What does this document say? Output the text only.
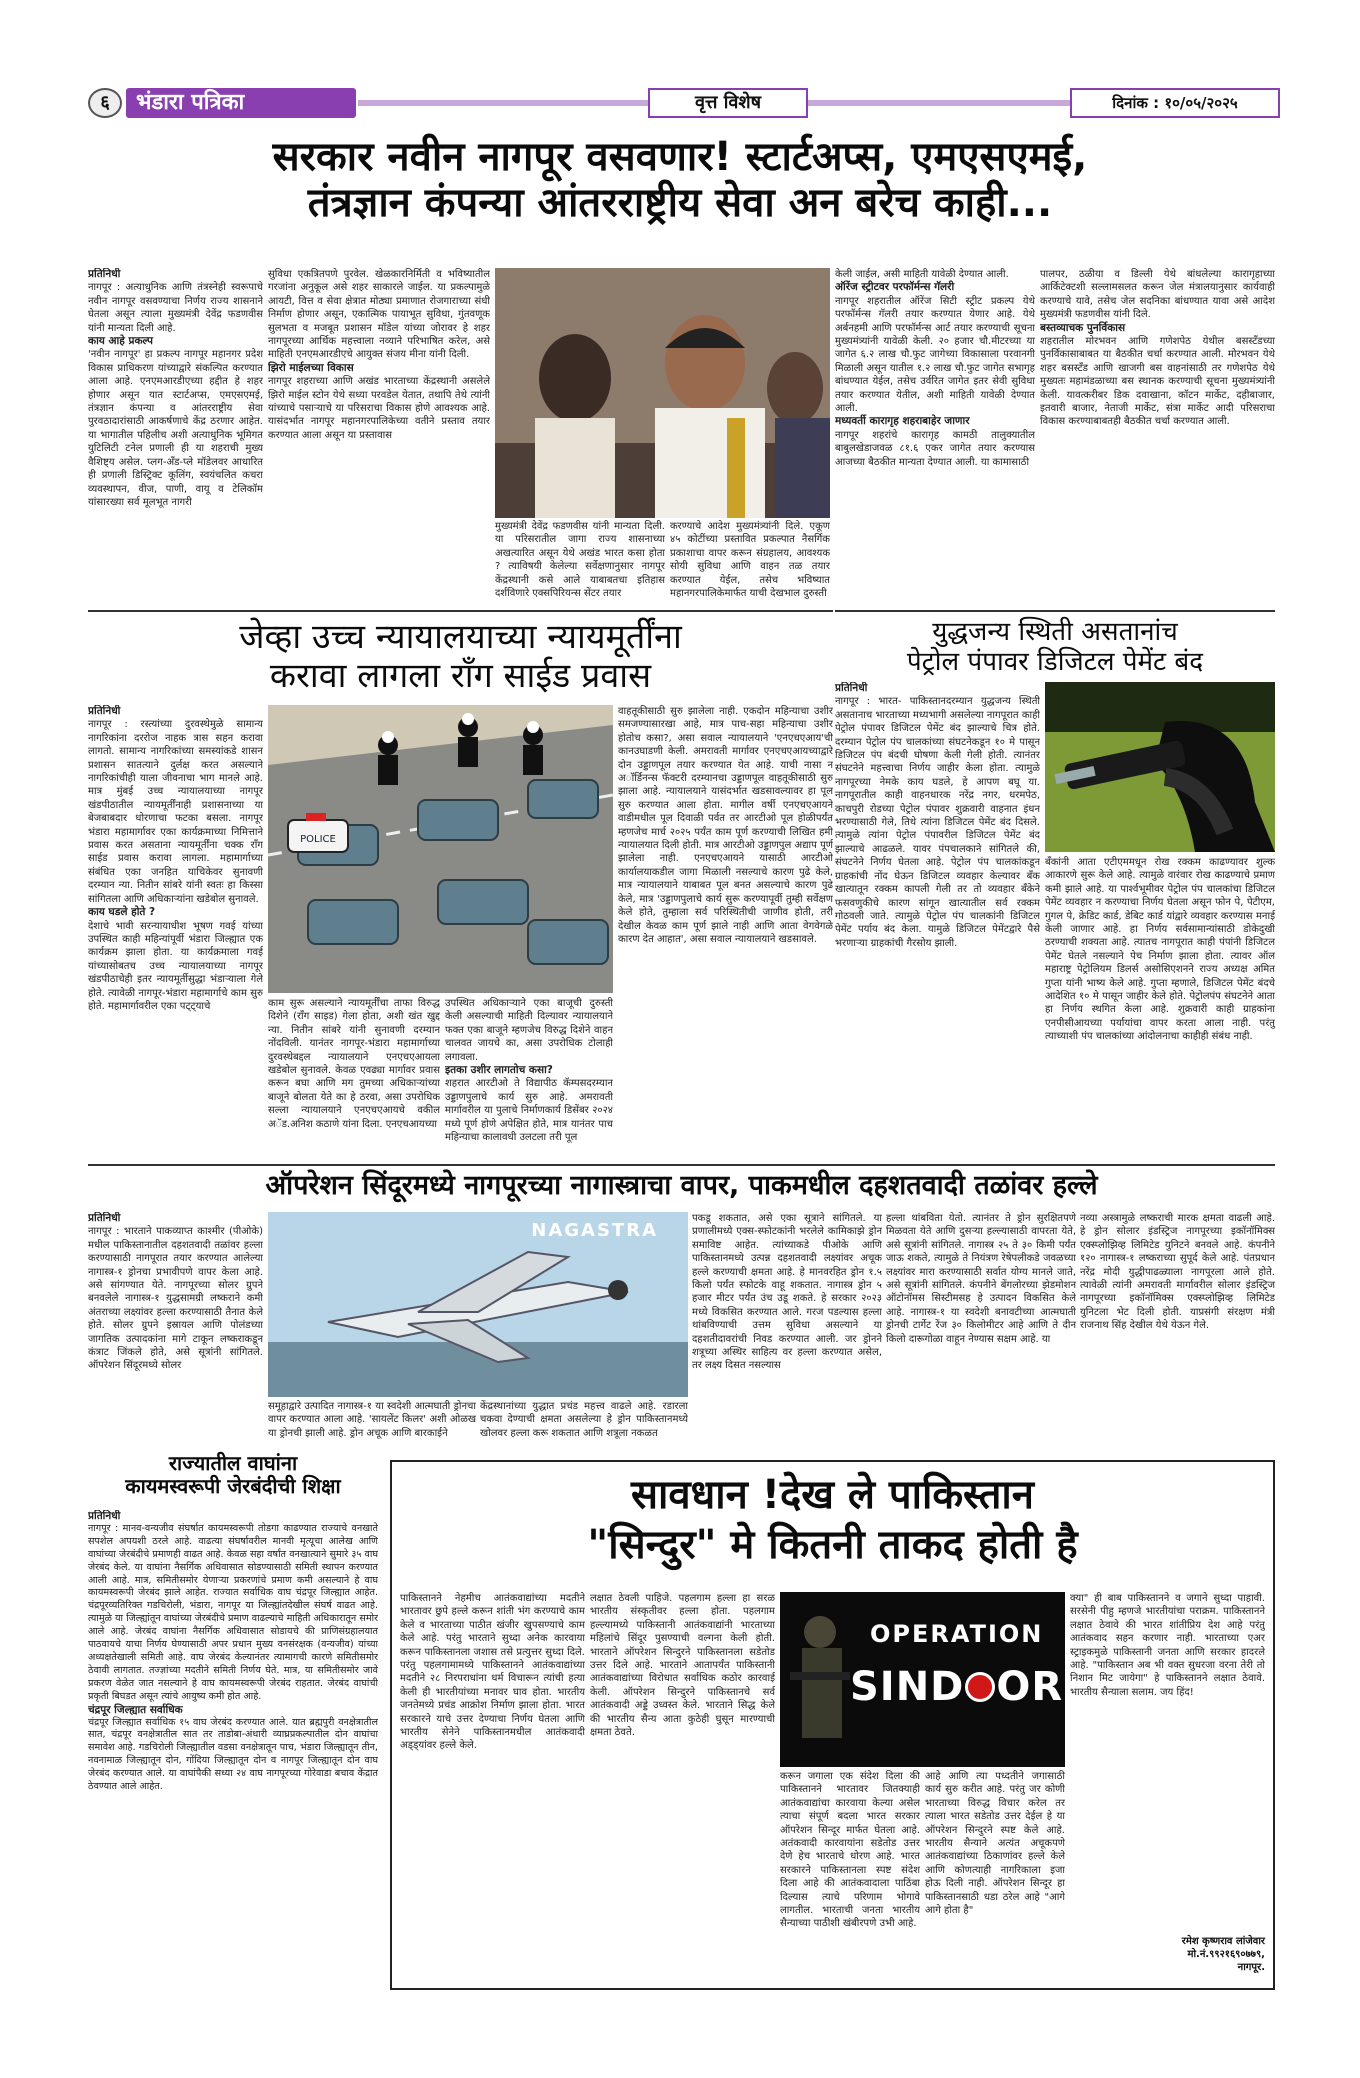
६	भंडारा पत्रिका	वृत्त विशेष	दिनांक : १०/०५/२०२५
सरकार नवीन नागपूर वसवणार! स्टार्टअप्स, एमएसएमई,
तंत्रज्ञान कंपन्या आंतरराष्ट्रीय सेवा अन बरेच काही...
प्रतिनिधी
नागपूर : अत्याधुनिक आणि तंत्रस्नेही स्वरूपाचे नवीन नागपूर वसवण्याचा निर्णय राज्य शासनाने घेतला असून त्याला मुख्यमंत्री देवेंद्र फडणवीस यांनी मान्यता दिली आहे.
काय आहे प्रकल्प
'नवीन नागपूर' हा प्रकल्प नागपूर महानगर प्रदेश विकास प्राधिकरण यांच्याद्वारे संकल्पित करण्यात आला आहे. एनएमआरडीएच्या हद्दीत हे शहर होणार असून यात स्टार्टअप्स, एमएसएमई, तंत्रज्ञान कंपन्या व आंतरराष्ट्रीय सेवा पुरवठादारांसाठी आकर्षणाचे केंद्र ठरणार आहेत. या भागातील पहिलीच अशी अत्याधुनिक भूमिगत युटिलिटी टनेल प्रणाली ही या शहराची मुख्य वैशिष्ट्य असेल. प्लग-अँड-प्ले मॉडेलवर आधारित ही प्रणाली डिस्ट्रिक्ट कूलिंग, स्वयंचलित कचरा व्यवस्थापन, वीज, पाणी, वायू व टेलिकॉम यांसारख्या सर्व मूलभूत नागरी
सुविधा एकत्रितपणे पुरवेल. खेळकारनिर्मिती व भविष्यातील गरजांना अनुकूल असे शहर साकारले जाईल. या प्रकल्पामुळे आयटी, वित्त व सेवा क्षेत्रात मोठ्या प्रमाणात रोजगाराच्या संधी निर्माण होणार असून, एकात्मिक पायाभूत सुविधा, गुंतवणूक सुलभता व मजबूत प्रशासन मॉडेल यांच्या जोरावर हे शहर नागपूरच्या आर्थिक महत्त्वाला नव्याने परिभाषित करेल, असे माहिती एनएमआरडीएचे आयुक्त संजय मीना यांनी दिली.
झिरो माईलच्या विकास
नागपूर शहराच्या आणि अखंड भारताच्या केंद्रस्थानी असलेले झिरो माईल स्टोन येथे सध्या परवडेल येतात, तथापि तेथे त्यांनी यांच्याचे पसाऱ्याचे या परिसराचा विकास होणे आवश्यक आहे. यासंदर्भात नागपूर महानगरपालिकेच्या वतीने प्रस्ताव तयार करण्यात आला असून या प्रस्तावास
मुख्यमंत्री देवेंद्र फडणवीस यांनी मान्यता दिली. या परिसरातील जागा राज्य शासनाच्या अखत्यारित असून येथे अखंड भारत कसा होता ? त्याविषयी केलेल्या सर्वेक्षणानुसार नागपूर केंद्रस्थानी कसे आले याबाबतचा इतिहास दर्शविणारे एक्सपिरियन्स सेंटर तयार
करण्याचे आदेश मुख्यमंत्र्यांनी दिले. एकूण ४५ कोटींच्या प्रस्तावित प्रकल्पात नैसर्गिक प्रकाशाचा वापर करून संग्रहालय, आवश्यक सोयी सुविधा आणि वाहन तळ तयार करण्यात येईल, तसेच भविष्यात महानगरपालिकेमार्फत याची देखभाल दुरुस्ती
केली जाईल, असी माहिती यावेळी देण्यात आली.
ऑरेंज स्ट्रीटवर परफॉर्मन्स गॅलरी
नागपूर शहरातील ऑरेंज सिटी स्ट्रीट प्रकल्प येथे परफॉर्मन्स गॅलरी तयार करण्यात येणार आहे. येथे अर्बनहमी आणि परफॉर्मन्स आर्ट तयार करण्याची सूचना मुख्यमंत्र्यांनी यावेळी केली. २० हजार चौ.मीटरच्या या जागेत ६.२ लाख चौ.फुट जागेच्या विकासाला परवानगी मिळाली असून यातील १.२ लाख चौ.फुट जागेत सभागृह बांधण्यात येईल, तसेच उर्वरित जागेत इतर सेवी सुविधा तयार करण्यात येतील, अशी माहिती यावेळी देण्यात आली.
मध्यवर्ती कारागृह शहराबाहेर जाणार
नागपूर शहरांचे कारागृह कामठी तालुक्यातील बाबुलखेडाजवळ ८१.६ एकर जागेत तयार करण्यास आजच्या बैठकीत मान्यता देण्यात आली. या कामासाठी
पालपर, ठळीया व डिल्ली येथे बांधलेल्या कारागृहाच्या आर्किटेक्टशी सल्लामसलत करून जेल मंत्रालयानुसार कार्यवाही करण्याचे यावे, तसेच जेल सदनिका बांधण्यात यावा असे आदेश मुख्यमंत्री फडणवीस यांनी दिले.
बस्तव्याचक पुनर्विकास
शहरातील मोरभवन आणि गणेशपेठ येथील बसस्टँडच्या पुनर्विकासाबाबत या बैठकीत चर्चा करण्यात आली. मोरभवन येथे शहर बसस्टँड आणि खाजगी बस वाहनांसाठी तर गणेशपेठ येथे मुख्यतः महामंडळाच्या बस स्थानक करण्याची सूचना मुख्यमंत्र्यांनी केली. यावत्करीबर डिक दवाखाना, कॉटन मार्केट, दहीबाजार, इतवारी बाजार, नेताजी मार्केट, संत्रा मार्केट आदी परिसराचा विकास करण्याबाबतही बैठकीत चर्चा करण्यात आली.
जेव्हा उच्च न्यायालयाच्या न्यायमूर्तींना
करावा लागला रॉंग साईड प्रवास
प्रतिनिधी
नागपूर : रस्त्यांच्या दुरवस्थेमुळे सामान्य नागरिकांना दररोज नाहक त्रास सहन करावा लागतो. सामान्य नागरिकांच्या समस्यांकडे शासन प्रशासन सातत्याने दुर्लक्ष करत असल्याने नागरिकांचीही याला जीवनाचा भाग मानले आहे. मात्र मुंबई उच्च न्यायालयाच्या नागपूर खंडपीठातील न्यायमूर्तींनाही प्रशासनाच्या या बेजबाबदार धोरणाचा फटका बसला. नागपूर भंडारा महामार्गावर एका कार्यक्रमाच्या निमित्ताने प्रवास करत असताना न्यायमूर्तींना चक्क रॉंग साईड प्रवास करावा लागला. महामार्गाच्या संबंधित एका जनहित याचिकेवर सुनावणी दरम्यान न्या. नितीन सांबरे यांनी स्वतः हा किस्सा सांगितला आणि अधिकाऱ्यांना खडेबोल सुनावले.
काय घडले होते ?
देशाचे भावी सरन्यायाधीश भूषण गवई यांच्या उपस्थित काही महिन्यांपूर्वी भंडारा जिल्ह्यात एक कार्यक्रम झाला होता. या कार्यक्रमाला गवई यांच्यासोबतच उच्च न्यायालयाच्या नागपूर खंडपीठाचेही इतर न्यायमूर्तीसुद्धा भंडाऱ्याला गेले होते. त्यावेळी नागपूर-भंडारा महामार्गाचे काम सुरु होते. महामार्गावरील एका पट्ट्याचे
POLICE
काम सुरू असल्याने न्यायमूर्तींचा ताफा विरुद्ध दिशेने (रॉंग साइड) गेला होता, अशी खंत खुद्द न्या. नितीन सांबरे यांनी सुनावणी दरम्यान नोंदविली. यानंतर नागपूर-भंडारा महामार्गाच्या दुरवस्थेबद्दल न्यायालयाने एनएचएआयला खडेबोल सुनावले. केवळ एवढ्या मार्गावर प्रवास करून बघा आणि मग तुमच्या अधिकाऱ्यांच्या बाजूने बोलता येते का हे ठरवा, असा उपरोधिक सल्ला न्यायालयाने एनएचएआयचे वकील अॅड.अनिश कठाणे यांना दिला. एनएचआयच्या
उपस्थित अधिकाऱ्याने एका बाजूची दुरुस्ती केली असल्याची माहिती दिल्यावर न्यायालयाने फक्त एका बाजूने म्हणजेच विरुद्ध दिशेने वाहन चालवत जायचे का, असा उपरोधिक टोलाही लगावला.
इतका उशीर लागतोच कसा?
शहरात आरटीओ ते विद्यापीठ कॅम्पसदरम्यान उड्डाणपुलाचे कार्य सुरु आहे. अमरावती मार्गावरील या पुलाचे निर्माणकार्य डिसेंबर २०२४ मध्ये पूर्ण होणे अपेक्षित होते, मात्र यानंतर पाच महिन्याचा कालावधी उलटला तरी पूल
वाहतूकीसाठी सुरु झालेला नाही. एकदोन महिन्याचा उशीर समजण्यासारखा आहे, मात्र पाच-सहा महिन्याचा उशीर होतोच कसा?, असा सवाल न्यायालयाने 'एनएचएआय'ची कानउघाडणी केली. अमरावती मार्गावर एनएचएआयच्याद्वारे दोन उड्डाणपूल तयार करण्यात येत आहे. याची नासा न अॉर्डिनन्स फॅक्टरी दरम्यानचा उड्डाणपूल वाहतूकीसाठी सुरु झाला आहे. न्यायालयाने यासंदर्भात खडसावल्यावर हा पूल सुरु करण्यात आला होता. मागील वर्षी एनएचएआयने वाडीमधील पूल दिवाळी पर्वत तर आरटीओ पूल होळीपर्यंत म्हणजेच मार्च २०२५ पर्यंत काम पूर्ण करण्याची लिखित हमी न्यायालयात दिली होती. मात्र आरटीओ उड्डाणपुल अद्याप पूर्ण झालेला नाही. एनएचएआयने यासाठी आरटीओ कार्यालयाकडील जागा मिळाली नसल्याचे कारण पुढे केले, मात्र न्यायालयाने याबाबत पूल बनत असल्याचे कारण पुढे केले, मात्र 'उड्डाणपुलाचे कार्य सुरू करण्यापूर्वी तुम्ही सर्वेक्षण केले होते, तुम्हाला सर्व परिस्थितीची जाणीव होती, तरी देखील केवळ काम पूर्ण झाले नाही आणि आता वेगवेगळे कारण देत आहात', असा सवाल न्यायालयाने खडसावले.
युद्धजन्य स्थिती असतानांच
पेट्रोल पंपावर डिजिटल पेमेंट बंद
प्रतिनिधी
नागपूर : भारत- पाकिस्तानदरम्यान युद्धजन्य स्थिती असतानाच भारताच्या मध्यभागी असलेल्या नागपूरात काही पेट्रोल पंपावर डिजिटल पेमेंट बंद झाल्याचे चित्र होते. दरम्यान पेट्रोल पंप चालकांच्या संघटनेकडून १० मे पासून डिजिटल पंप बंदची घोषणा केली गेली होती. त्यानंतर संघटनेने महत्त्वाचा निर्णय जाहीर केला होता. त्यामुळे नागपूरच्या नेमके काय घडले, हे आपण बघू या. नागपूरातील काही वाहनधारक नरेंद्र नगर, धरमपेठ, काचपुरी रोडच्या पेट्रोल पंपावर शुक्रवारी वाहनात इंधन भरण्यासाठी गेले, तिथे त्यांना डिजिटल पेमेंट बंद दिसले. त्यामुळे त्यांना पेट्रोल पंपावरील डिजिटल पेमेंट बंद झाल्याचे आढळले. यावर पंपचालकाने सांगितले की, संघटनेने निर्णय घेतला आहे. पेट्रोल पंप चालकांकडून ग्राहकांची नोंद घेऊन डिजिटल व्यवहार केल्यावर बँक खात्यातून रक्कम कापली गेली तर तो व्यवहार बँकेने फसवणुकीचे कारण सांगून खात्यातील सर्व रक्कम गोठवली जाते. त्यामुळे पेट्रोल पंप चालकांनी डिजिटल पेमेंट पर्याय बंद केला. यामुळे डिजिटल पेमेंटद्वारे पैसे भरणाऱ्या ग्राहकांची गैरसोय झाली.
बँकांनी आता एटीएममधून रोख रक्कम काढण्यावर शुल्क आकारणे सुरू केले आहे. त्यामुळे वारंवार रोख काढण्याचे प्रमाण कमी झाले आहे. या पार्श्वभूमीवर पेट्रोल पंप चालकांचा डिजिटल पेमेंट व्यवहार न करण्याचा निर्णय घेतला असून फोन पे, पेटीएम, गुगल पे, क्रेडिट कार्ड, डेबिट कार्ड यांद्वारे व्यवहार करण्यास मनाई केली जाणार आहे. हा निर्णय सर्वसामान्यांसाठी डोकेदुखी ठरण्याची शक्यता आहे. त्यातच नागपूरात काही पंपांनी डिजिटल पेमेंट घेतले नसल्याने पेच निर्माण झाला होता. त्यावर ऑल महाराष्ट्र पेट्रोलियम डिलर्स असोसिएशनने राज्य अध्यक्ष अमित गुप्ता यांनी भाष्य केले आहे. गुप्ता म्हणाले, डिजिटल पेमेंट बंदचे आदेशित १० मे पासून जाहीर केले होते. पेट्रोलपंप संघटनेने आता हा निर्णय स्थगित केला आहे. शुक्रवारी काही ग्राहकांना एनपीसीआयच्या पर्यायांचा वापर करता आला नाही. परंतु त्याच्याशी पंप चालकांच्या आंदोलनाचा काहीही संबंध नाही.
ऑपरेशन सिंदूरमध्ये नागपूरच्या नागास्त्राचा वापर, पाकमधील दहशतवादी तळांवर हल्ले
प्रतिनिधी
नागपूर : भारताने पाकव्याप्त काश्मीर (पीओके) मधील पाकिस्तानातील दहशतवादी तळांवर हल्ला करण्यासाठी नागपूरात तयार करण्यात आलेल्या नागास्त्र-१ ड्रोनचा प्रभावीपणे वापर केला आहे. असे सांगण्यात येते. नागपूरच्या सोलर ग्रुपने बनवलेले नागास्त्र-१ युद्धसामग्री लष्कराने कमी अंतराच्या लक्ष्यांवर हल्ला करण्यासाठी तैनात केले होते. सोलर ग्रुपने इस्रायल आणि पोलंडच्या जागतिक उत्पादकांना मागे टाकून लष्कराकडून कंत्राट जिंकले होते, असे सूत्रांनी सांगितले. ऑपरेशन सिंदूरमध्ये सोलर
NAGASTRA
समूहाद्वारे उत्पादित नागास्त्र-१ या स्वदेशी आत्मघाती ड्रोनचा वापर करण्यात आला आहे. 'सायलेंट किलर' अशी ओळख या ड्रोनची झाली आहे. ड्रोन अचूक आणि बारकाईने
केंद्रस्थानांच्या युद्धात प्रचंड महत्त्व वाढले आहे. रडारला चकवा देण्याची क्षमता असलेल्या हे ड्रोन पाकिस्तानमध्ये खोलवर हल्ला करू शकतात आणि शत्रूला नकळत
पकडू शकतात, असे एका सूत्राने सांगितले. या प्रणालीमध्ये एक्स-स्फोटकांनी भरलेले कामिकाझे ड्रोन समाविष्ट आहेत. त्यांच्याकडे पीओके आणि पाकिस्तानमध्ये उत्पन्न दहशतवादी लक्ष्यांवर अचूक हल्ले करण्याची क्षमता आहे. हे मानवरहित ड्रोन १.५ किलो पर्यंत स्फोटके वाहू शकतात. नागास्त्र ड्रोन ५ हजार मीटर पर्यंत उंच उडू शकते. हे सरकार २०२३ मध्ये विकसित करण्यात आले. गरज पडल्यास हल्ला थांबविण्याची उत्तम सुविधा असल्याने या दहशतीदावरांची निवड करण्यात आली. जर ड्रोनने शत्रूच्या अस्थिर साहित्य वर हल्ला करण्यात असेल, तर लक्ष्य दिसत नसल्यास
हल्ला थांबविता येतो. त्यानंतर ते ड्रोन सुरक्षितपणे मिळवता येते आणि दुसऱ्या हल्ल्यासाठी वापरता येते, असे सूत्रांनी सांगितले. नागास्त्र २५ ते ३० किमी पर्यंत जाऊ शकते, त्यामुळे ते नियंत्रण रेषेपलीकडे जवळच्या लक्ष्यांवर मारा करण्यासाठी सर्वात योग्य मानले जाते, असे सूत्रांनी सांगितले. कंपनीने बेंगलोरच्या झेडमोशन ऑटोनॉमस सिस्टीमसह हे उत्पादन विकसित केले आहे. नागास्त्र-१ या स्वदेशी बनावटीच्या आत्मघाती ड्रोनची टार्गेट रेंज ३० किलोमीटर आहे आणि ते दीन किलो दारूगोळा वाहून नेण्यास सक्षम आहे. या
नव्या अस्त्रामुळे लष्कराची मारक क्षमता वाढली आहे. हे ड्रोन सोलार इंडस्ट्रिज नागपूरच्या इकॉनॉमिक्स एक्स्प्लोझिव्ह लिमिटेड युनिटने बनवले आहे. कंपनीने १२० नागास्त्र-१ लष्कराच्या सुपूर्द केले आहे. पंतप्रधान नरेंद्र मोदी युद्धीपाढळ्याला नागपूरला आले होते. त्यावेळी त्यांनी अमरावती मार्गावरील सोलार इंडस्ट्रिज नागपूरच्या इकॉनॉमिक्स एक्स्प्लोझिव्ह लिमिटेड युनिटला भेट दिली होती. याप्रसंगी संरक्षण मंत्री राजनाथ सिंह देखील येथे येऊन गेले.
राज्यातील वाघांना
कायमस्वरूपी जेरबंदीची शिक्षा
प्रतिनिधी
नागपूर : मानव-वन्यजीव संघर्षात कायमस्वरूपी तोडगा काढण्यात राज्याचे वनखाते सपशेल अपयशी ठरले आहे. वाढत्या संघर्षावरील मानवी मृत्यूचा आलेख आणि वाघांच्या जेरबंदीचे प्रमाणही वाढत आहे. केवळ सहा वर्षांत वनखात्याने सुमारे ३५ वाघ जेरबंद केले. या वाघांना नैसर्गिक अधिवासात सोडण्यासाठी समिती स्थापन करण्यात आली आहे. मात्र, समितीसमोर येणाऱ्या प्रकरणांचे प्रमाण कमी असल्याने हे वाघ कायमस्वरूपी जेरबंद झाले आहेत. राज्यात सर्वाधिक वाघ चंद्रपूर जिल्ह्यात आहेत. चंद्रपूरव्यतिरिक्त गडचिरोली, भंडारा, नागपूर या जिल्ह्यांतदेखील संघर्ष वाढत आहे. त्यामुळे या जिल्ह्यांतून वाघांच्या जेरबंदीचे प्रमाण वाढल्याचे माहिती अधिकारातून समोर आले आहे. जेरबंद वाघांना नैसर्गिक अधिवासात सोडायचे की प्राणिसंग्रहालयात पाठवायचे याचा निर्णय घेण्यासाठी अपर प्रधान मुख्य वनसंरक्षक (वन्यजीव) यांच्या अध्यक्षतेखाली समिती आहे. वाघ जेरबंद केल्यानंतर त्यामागची कारणे समितीसमोर ठेवावी लागतात. तज्ज्ञांच्या मदतीने समिती निर्णय घेते. मात्र, या समितीसमोर जावे प्रकरण वेळेत जात नसल्याने हे वाघ कायमस्वरूपी जेरबंद राहतात. जेरबंद वाघांची प्रकृती बिघडत असून त्यांचे आयुष्य कमी होत आहे.
चंद्रपूर जिल्ह्यात सर्वाधिक
चंद्रपूर जिल्ह्यात सर्वाधिक १५ वाघ जेरबंद करण्यात आले. यात ब्रह्मपुरी वनक्षेत्रातील सात, चंद्रपूर वनक्षेत्रातील सात तर ताडोबा-अंधारी व्याघ्रप्रकल्पातील दोन वाघांचा समावेश आहे. गडचिरोली जिल्ह्यातील वडसा वनक्षेत्रातून पाच, भंडारा जिल्ह्यातून तीन, नवनामाळ जिल्ह्यातून दोन, गोंदिया जिल्ह्यातून दोन व नागपूर जिल्ह्यातून दोन वाघ जेरबंद करण्यात आले. या वाघांपैकी सध्या २४ वाघ नागपूरच्या गोरेवाडा बचाव केंद्रात ठेवण्यात आले आहेत.
सावधान !देख ले पाकिस्तान
"सिन्दुर" मे कितनी ताकद होती है
पाकिस्तानने नेहमीच आतंकवाद्यांच्या मदतीने भारतावर छुपे हल्ले करून शांती भंग करण्याचे काम केले व भारताच्या पाठीत खंजीर खुपसण्याचे काम केले आहे. परंतु भारताने सुध्दा अनेक कारवाया करून पाकिस्तानला जशास तसे प्रत्युत्तर सुध्दा दिले. परंतु पहलगामामध्ये पाकिस्तानने आतंकवाद्यांच्या मदतीने २८ निरपराधांना धर्म विचारून त्यांची हत्या केली ही भारतीयांच्या मनावर घाव होता. भारतीय जनतेमध्ये प्रचंड आक्रोश निर्माण झाला होता. भारत सरकारने याचे उत्तर देण्याचा निर्णय घेतला आणि भारतीय सेनेने पाकिस्तानमधील आतंकवादी अड्ड्यांवर हल्ले केले.
लक्षात ठेवली पाहिजे. पहलगाम हल्ला हा सरळ भारतीय संस्कृतीवर हल्ला होता. पहलगाम हल्ल्यामध्ये पाकिस्तानी आतंकवाद्यांनी भारताच्या महिलांचे सिंदूर पुसण्याची वल्गना केली होती. भारताने ऑपरेशन सिन्दुरने पाकिस्तानला सडेतोड उत्तर दिले आहे. भारताने आतापर्यंत पाकिस्तानी आतंकवाद्यांच्या विरोधात सर्वाधिक कठोर कारवाई केली. ऑपरेशन सिन्दुरने पाकिस्तानचे सर्व आतंकवादी अड्डे उध्वस्त केले. भारताने सिद्ध केले की भारतीय सैन्य आता कुठेही घुसून मारण्याची क्षमता ठेवते.
OPERATION
SIND OR
करून जगाला एक संदेश दिला की पाकिस्तानने भारतावर जितक्याही आतंकवाद्यांचा कारवाया केल्या असेल त्याचा संपूर्ण बदला भारत सरकार ऑपरेशन सिन्दूर मार्फत घेतला आहे. अतंकवादी कारवायांना सडेतोड उत्तर देणे हेच भारताचे धोरण आहे. भारत सरकारने पाकिस्तानला स्पष्ट संदेश दिला आहे की आतंकवादाला पाठिंबा दिल्यास त्याचे परिणाम भोगावे लागतील. भारताची जनता भारतीय सैन्याच्या पाठीशी खंबीरपणे उभी आहे.
आहे आणि त्या पध्दतीने जगासाठी कार्य सुरु करीत आहे. परंतु जर कोणी भारताच्या विरुद्ध विचार करेल तर त्याला भारत सडेतोड उत्तर देईल हे या ऑपरेशन सिन्दुरने स्पष्ट केले आहे. भारतीय सैन्याने अत्यंत अचूकपणे आतंकवाद्यांच्या ठिकाणांवर हल्ले केले आणि कोणत्याही नागरिकाला इजा होऊ दिली नाही. ऑपरेशन सिन्दूर हा पाकिस्तानसाठी धडा ठरेल आहे "आगे आगे होता है"
क्या" ही बाब पाकिस्तानने व जगाने सुध्दा पाहावी. सरसेनी पीहु म्हणजे भारतीयांचा पराक्रम. पाकिस्तानने लक्षात ठेवावे की भारत शांतीप्रिय देश आहे परंतु आतंकवाद सहन करणार नाही. भारताच्या एअर स्ट्राइकमुळे पाकिस्तानी जनता आणि सरकार हादरले आहे. "पाकिस्तान अब भी वक्त सुधरजा वरना तेरी तो निशान मिट जायेगा" हे पाकिस्तानने लक्षात ठेवावे. भारतीय सैन्याला सलाम. जय हिंद!
रमेश कृष्णराव लांजेवार
मो.नं.९९२१६९०७७९,
नागपूर.
